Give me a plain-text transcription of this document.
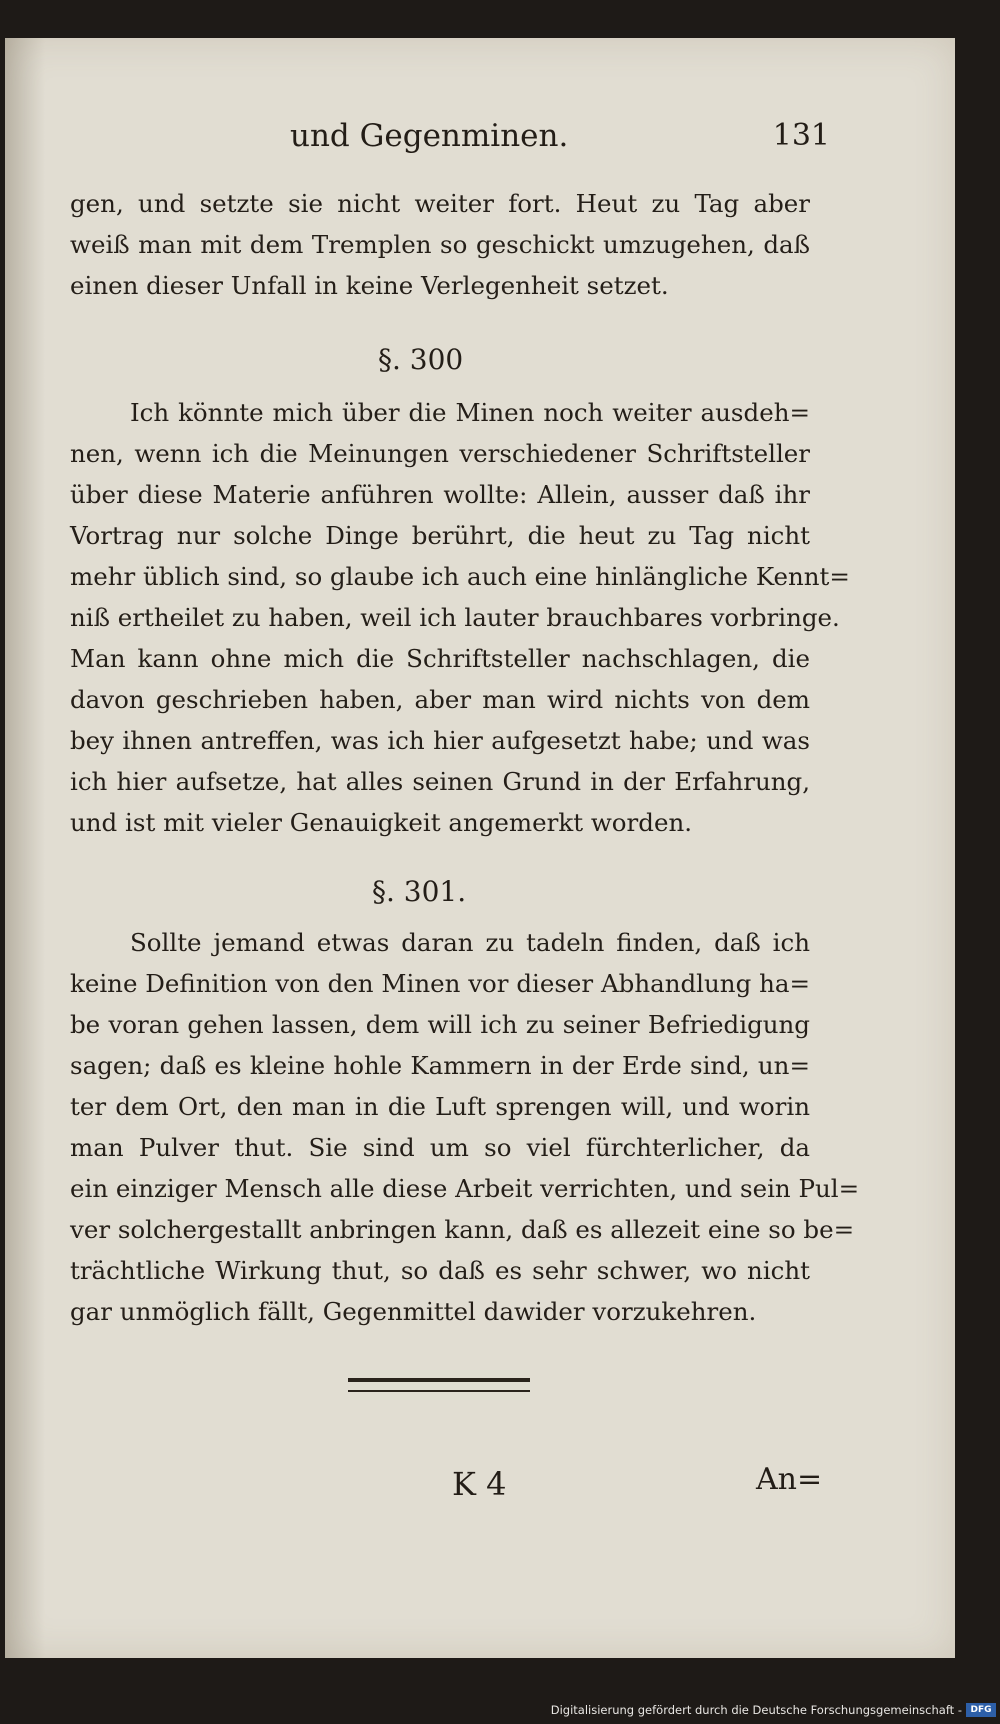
und Gegenminen.	131
gen, und setzte sie nicht weiter fort. Heut zu Tag aber
weiß man mit dem Tremplen so geschickt umzugehen, daß
einen dieser Unfall in keine Verlegenheit setzet.
§. 300
Ich könnte mich über die Minen noch weiter ausdeh=
nen, wenn ich die Meinungen verschiedener Schriftsteller
über diese Materie anführen wollte: Allein, ausser daß ihr
Vortrag nur solche Dinge berührt, die heut zu Tag nicht
mehr üblich sind, so glaube ich auch eine hinlängliche Kennt=
niß ertheilet zu haben, weil ich lauter brauchbares vorbringe.
Man kann ohne mich die Schriftsteller nachschlagen, die
davon geschrieben haben, aber man wird nichts von dem
bey ihnen antreffen, was ich hier aufgesetzt habe; und was
ich hier aufsetze, hat alles seinen Grund in der Erfahrung,
und ist mit vieler Genauigkeit angemerkt worden.
§. 301.
Sollte jemand etwas daran zu tadeln finden, daß ich
keine Definition von den Minen vor dieser Abhandlung ha=
be voran gehen lassen, dem will ich zu seiner Befriedigung
sagen; daß es kleine hohle Kammern in der Erde sind, un=
ter dem Ort, den man in die Luft sprengen will, und worin
man Pulver thut. Sie sind um so viel fürchterlicher, da
ein einziger Mensch alle diese Arbeit verrichten, und sein Pul=
ver solchergestallt anbringen kann, daß es allezeit eine so be=
trächtliche Wirkung thut, so daß es sehr schwer, wo nicht
gar unmöglich fällt, Gegenmittel dawider vorzukehren.
K 4	An=
Digitalisierung gefördert durch die Deutsche Forschungsgemeinschaft - DFG
